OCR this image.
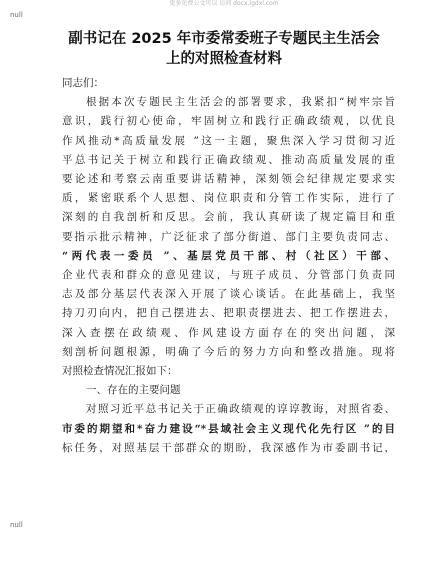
更多免费公文可以 访问 docx.lgdxl.com
null
副书记在 2025 年市委常委班子专题民主生活会
上的对照检查材料
同志们：
根据本次专题民主生活会的部署要求，我紧扣“树牢宗旨
意识，践行初心使命，牢固树立和践行正确政绩观，以优良
作风推动*高质量发展 ”这一主题，聚焦深入学习贯彻习近
平总书记关于树立和践行正确政绩观、推动高质量发展的重
要论述和考察云南重要讲话精神，深刻领会纪律规定要求实
质，紧密联系个人思想、岗位职责和分管工作实际，进行了
深刻的自我剖析和反思。会前，我认真研读了规定篇目和重
要指示批示精神，广泛征求了部分街道、部门主要负责同志、
“两代表一委员 ”、基层党员干部、村（社区）干部、
企业代表和群众的意见建议，与班子成员、分管部门负责同
志及部分基层代表深入开展了谈心谈话。在此基础上，我坚
持刀刃向内，把自己摆进去、把职责摆进去、把工作摆进去，
深入查摆在政绩观、作风建设方面存在的突出问题，深
刻剖析问题根源，明确了今后的努力方向和整改措施。现将
对照检查情况汇报如下：
一、存在的主要问题
对照习近平总书记关于正确政绩观的谆谆教诲，对照省委、
市委的期望和*奋力建设“*县域社会主义现代化先行区 ”的目
标任务，对照基层干部群众的期盼，我深感作为市委副书记，
null
